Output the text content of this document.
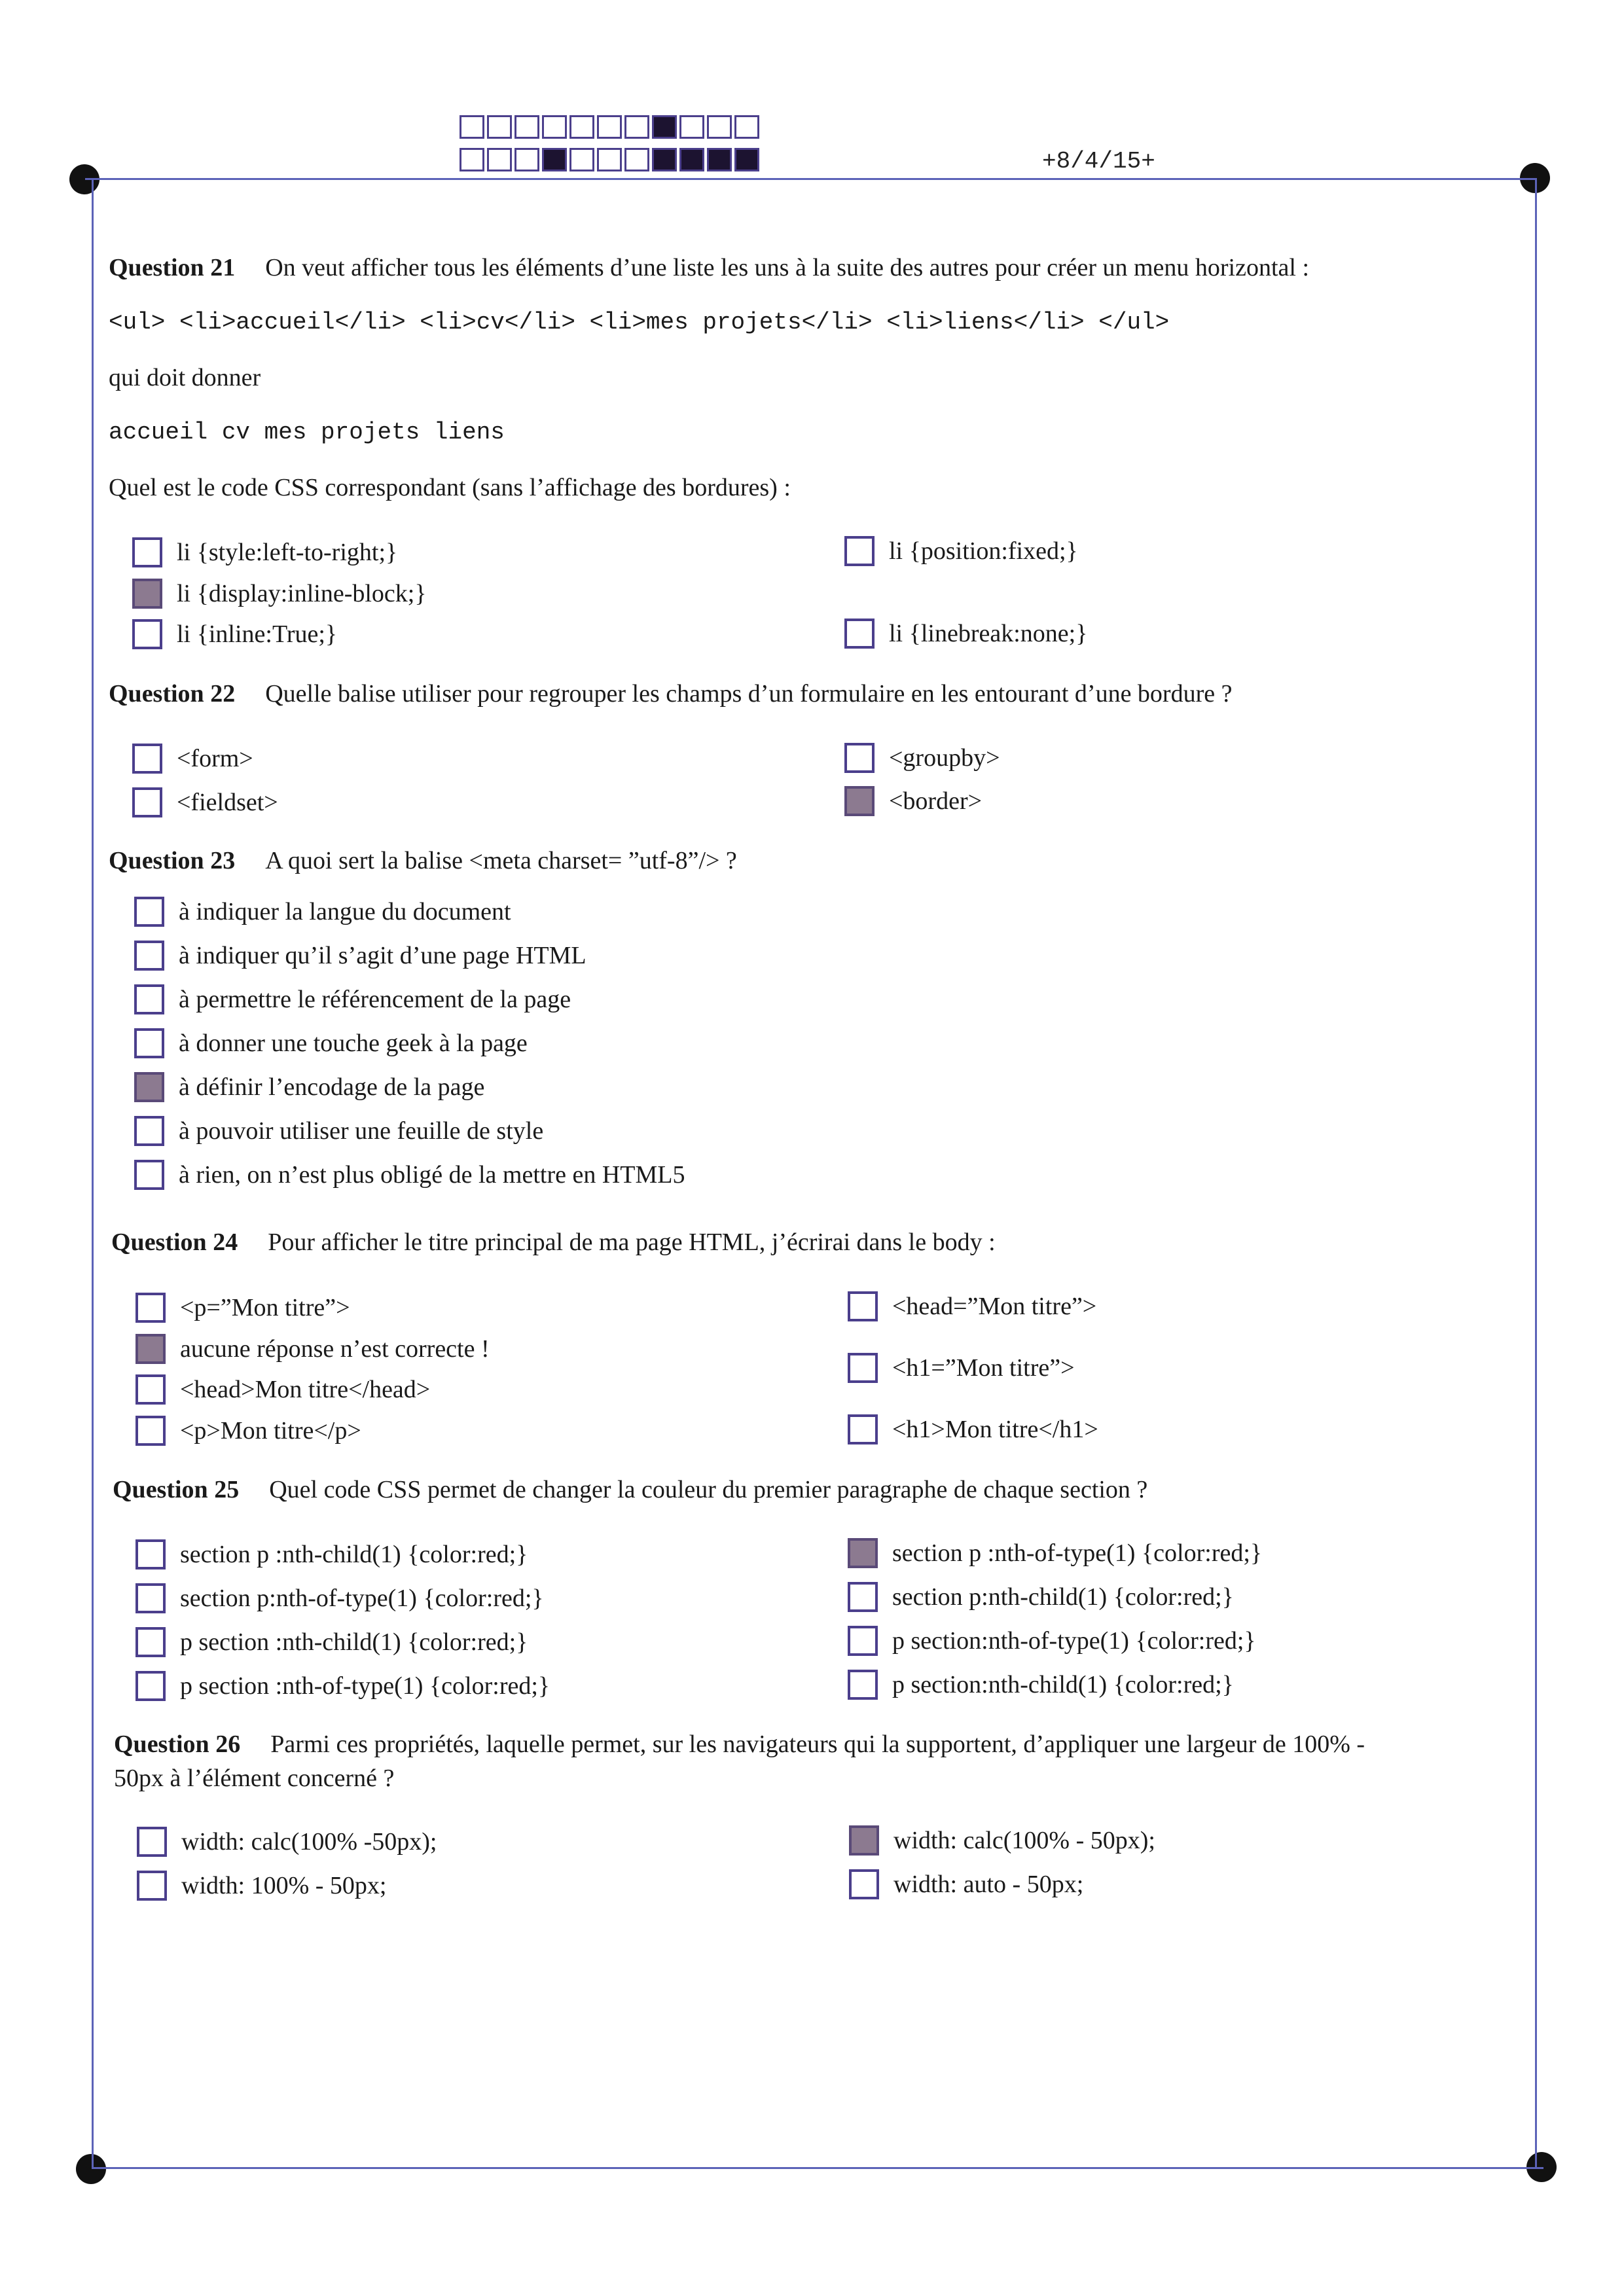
+8/4/15+
Question 21 On veut afficher tous les éléments d’une liste les uns à la suite des autres pour créer un menu horizontal :
<ul> <li>accueil</li> <li>cv</li> <li>mes projets</li> <li>liens</li> </ul>
qui doit donner
accueil cv mes projets liens
Quel est le code CSS correspondant (sans l’affichage des bordures) :
li {style:left-to-right;}
li {display:inline-block;}
li {inline:True;}
li {position:fixed;}
li {linebreak:none;}
Question 22 Quelle balise utiliser pour regrouper les champs d’un formulaire en les entourant d’une bordure ?
<form>
<fieldset>
<groupby>
<border>
Question 23 A quoi sert la balise <meta charset= ”utf-8”/> ?
à indiquer la langue du document
à indiquer qu’il s’agit d’une page HTML
à permettre le référencement de la page
à donner une touche geek à la page
à définir l’encodage de la page
à pouvoir utiliser une feuille de style
à rien, on n’est plus obligé de la mettre en HTML5
Question 24 Pour afficher le titre principal de ma page HTML, j’écrirai dans le body :
<p=”Mon titre”>
aucune réponse n’est correcte !
<head>Mon titre</head>
<p>Mon titre</p>
<head=”Mon titre”>
<h1=”Mon titre”>
<h1>Mon titre</h1>
Question 25 Quel code CSS permet de changer la couleur du premier paragraphe de chaque section ?
section p :nth-child(1) {color:red;}
section p:nth-of-type(1) {color:red;}
p section :nth-child(1) {color:red;}
p section :nth-of-type(1) {color:red;}
section p :nth-of-type(1) {color:red;}
section p:nth-child(1) {color:red;}
p section:nth-of-type(1) {color:red;}
p section:nth-child(1) {color:red;}
Question 26 Parmi ces propriétés, laquelle permet, sur les navigateurs qui la supportent, d’appliquer une largeur de 100% -
50px à l’élément concerné ?
width: calc(100% -50px);
width: 100% - 50px;
width: calc(100% - 50px);
width: auto - 50px;
